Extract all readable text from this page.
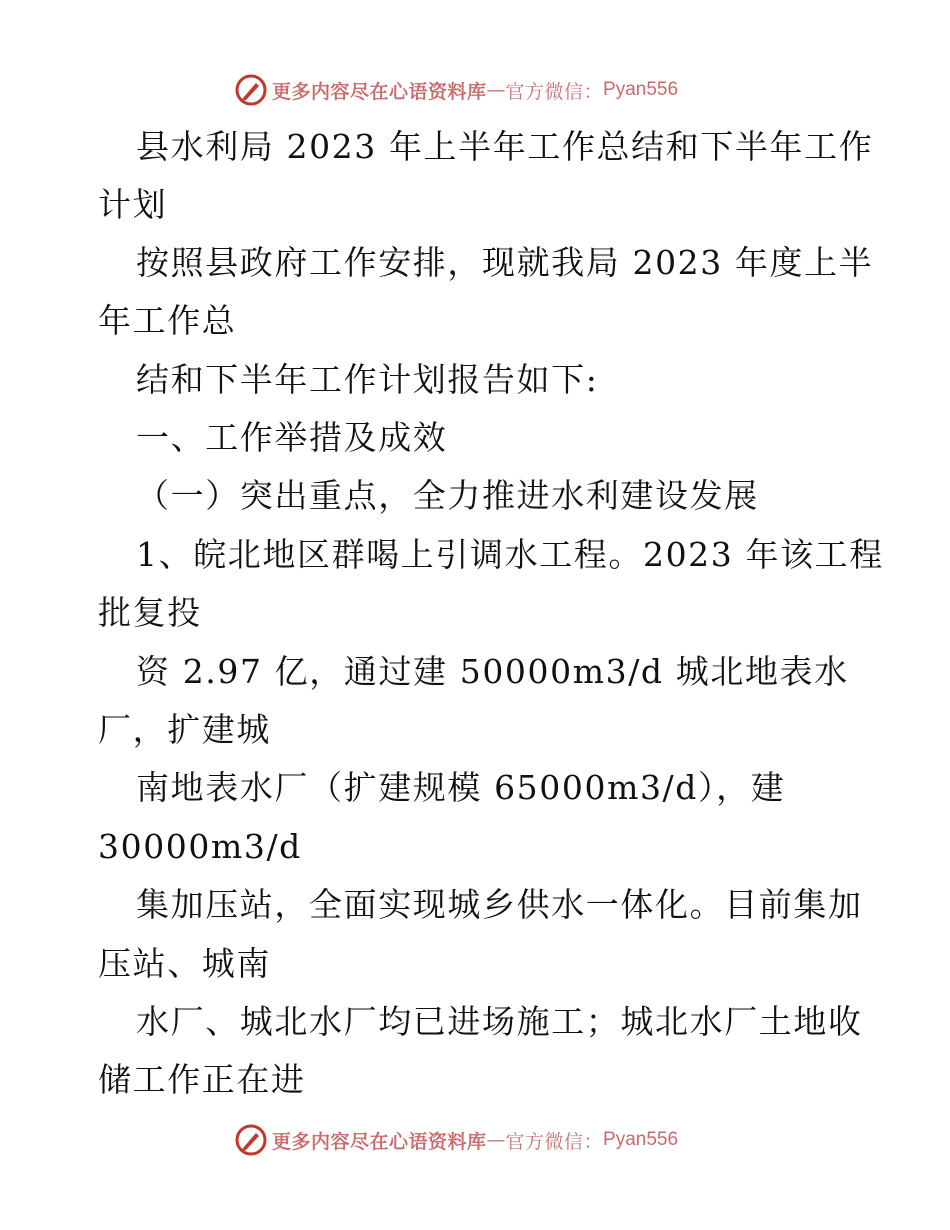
更多内容尽在心语资料库 — 官方微信： Pyan556
县水利局 2023 年上半年工作总结和下半年工作
计划
按照县政府工作安排，现就我局 2023 年度上半
年工作总
结和下半年工作计划报告如下:
一、工作举措及成效
（一）突出重点，全力推进水利建设发展
1、皖北地区群喝上引调水工程。2023 年该工程
批复投
资 2.97 亿，通过建 50000m3/d 城北地表水
厂，扩建城
南地表水厂（扩建规模 65000m3/d），建
30000m3/d
集加压站，全面实现城乡供水一体化。目前集加
压站、城南
水厂、城北水厂均已进场施工；城北水厂土地收
储工作正在进
更多内容尽在心语资料库 — 官方微信： Pyan556
